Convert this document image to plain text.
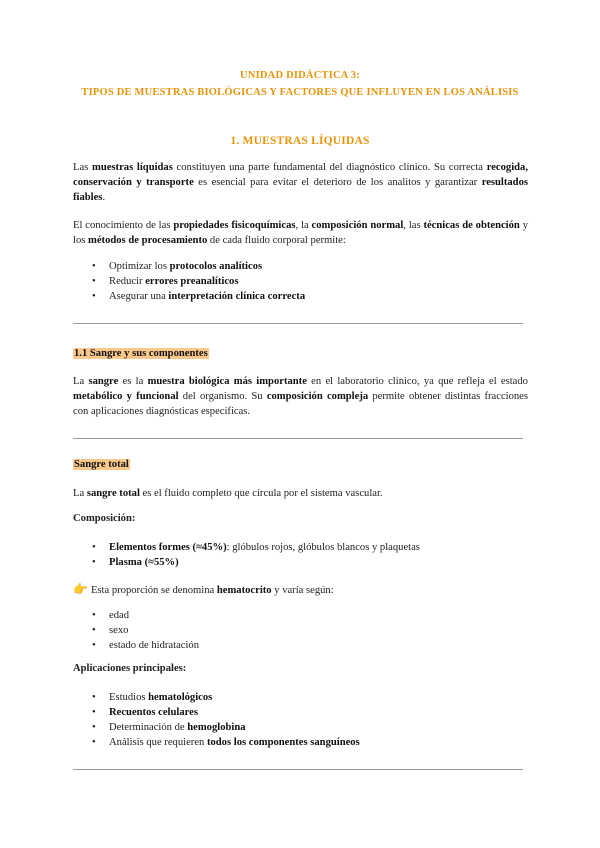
UNIDAD DIDÁCTICA 3:
TIPOS DE MUESTRAS BIOLÓGICAS Y FACTORES QUE INFLUYEN EN LOS ANÁLISIS
1. MUESTRAS LÍQUIDAS

Las muestras líquidas constituyen una parte fundamental del diagnóstico clínico. Su correcta recogida, conservación y transporte es esencial para evitar el deterioro de los analitos y garantizar resultados fiables.

El conocimiento de las propiedades fisicoquímicas, la composición normal, las técnicas de obtención y los métodos de procesamiento de cada fluido corporal permite:

•	Optimizar los protocolos analíticos
•	Reducir errores preanalíticos
•	Asegurar una interpretación clínica correcta
1.1 Sangre y sus componentes

La sangre es la muestra biológica más importante en el laboratorio clínico, ya que refleja el estado metabólico y funcional del organismo. Su composición compleja permite obtener distintas fracciones con aplicaciones diagnósticas específicas.

Sangre total

La sangre total es el fluido completo que circula por el sistema vascular.

Composición:
•	Elementos formes (≈45%): glóbulos rojos, glóbulos blancos y plaquetas
•	Plasma (≈55%)
👉 Esta proporción se denomina hematocrito y varía según:
•	edad
•	sexo
•	estado de hidratación
Aplicaciones principales:
•	Estudios hematológicos
•	Recuentos celulares
•	Determinación de hemoglobina
•	Análisis que requieren todos los componentes sanguíneos
